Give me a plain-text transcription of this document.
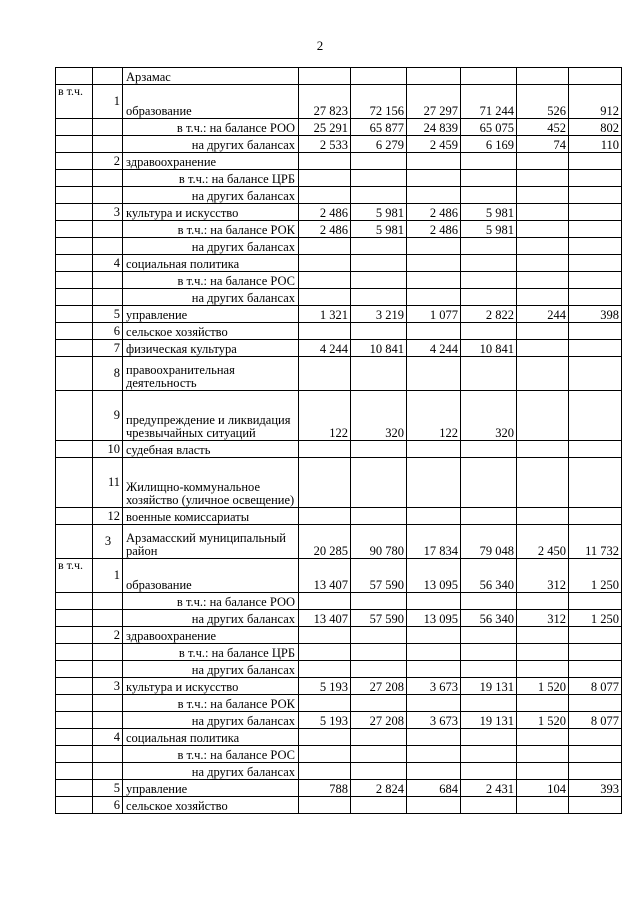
2
		Арзамас						
в т.ч.	1	образование	27 823	72 156	27 297	71 244	526	912
		в т.ч.: на балансе РОО	25 291	65 877	24 839	65 075	452	802
		на других балансах	2 533	6 279	2 459	6 169	74	110
	2	здравоохранение						
		в т.ч.: на балансе ЦРБ						
		на других балансах						
	3	культура и искусство	2 486	5 981	2 486	5 981		
		в т.ч.: на балансе РОК	2 486	5 981	2 486	5 981		
		на других балансах						
	4	социальная политика						
		в т.ч.: на балансе РОС						
		на других балансах						
	5	управление	1 321	3 219	1 077	2 822	244	398
	6	сельское хозяйство						
	7	физическая культура	4 244	10 841	4 244	10 841		
	8	правоохранительная деятельность						
	9	предупреждение и ликвидация чрезвычайных ситуаций	122	320	122	320		
	10	судебная власть						
	11	Жилищно-коммунальное хозяйство (уличное освещение)						
	12	военные комиссариаты						
	3	Арзамасский муниципальный район	20 285	90 780	17 834	79 048	2 450	11 732
в т.ч.	1	образование	13 407	57 590	13 095	56 340	312	1 250
		в т.ч.: на балансе РОО						
		на других балансах	13 407	57 590	13 095	56 340	312	1 250
	2	здравоохранение						
		в т.ч.: на балансе ЦРБ						
		на других балансах						
	3	культура и искусство	5 193	27 208	3 673	19 131	1 520	8 077
		в т.ч.: на балансе РОК						
		на других балансах	5 193	27 208	3 673	19 131	1 520	8 077
	4	социальная политика						
		в т.ч.: на балансе РОС						
		на других балансах						
	5	управление	788	2 824	684	2 431	104	393
	6	сельское хозяйство						
